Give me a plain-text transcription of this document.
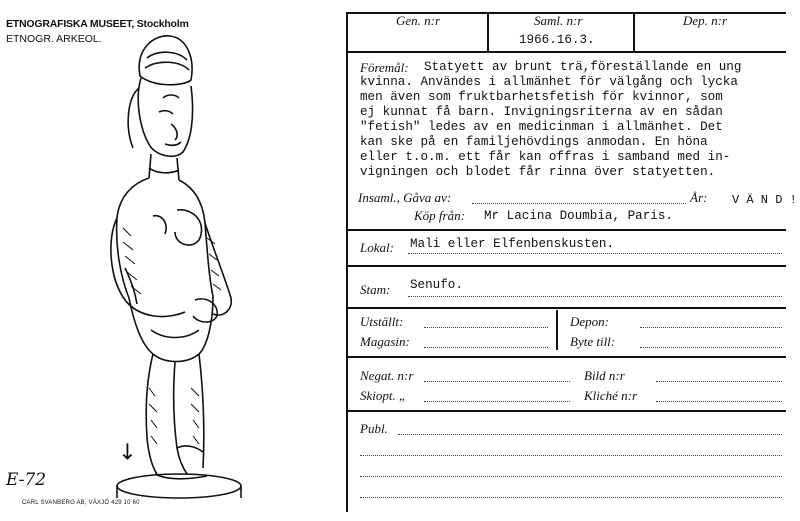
ETNOGRAFISKA MUSEET, Stockholm
ETNOGR. ARKEOL.
↙
E-72
CARL SVANBERG AB, VÄXJÖ 429 10 60
Gen. n:r	Saml. n:r	Dep. n:r
1966.16.3.
Föremål: Statyett av brunt trä,föreställande en ung
kvinna. Användes i allmänhet för välgång och lycka
men även som fruktbarhetsfetish för kvinnor, som
ej kunnat få barn. Invigningsriterna av en sådan
"fetish" ledes av en medicinman i allmänhet. Det
kan ske på en familjehövdings anmodan. En höna
eller t.o.m. ett får kan offras i samband med in-
vigningen och blodet får rinna över statyetten.
Insaml., Gåva av:	År: V Ä N D !
Köp från: Mr Lacina Doumbia, Paris.
Lokal: Mali eller Elfenbenskusten.
Stam: Senufo.
Utställt:	Depon:
Magasin:	Byte till:
Negat. n:r	Bild n:r
Skiopt. „	Kliché n:r
Publ.
